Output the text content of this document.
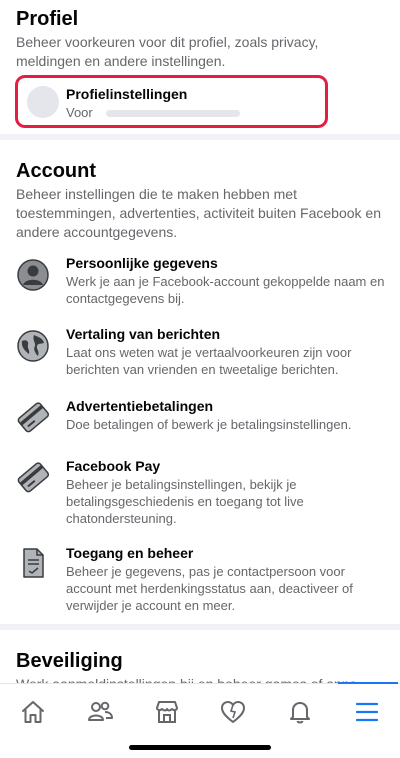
Profiel
Beheer voorkeuren voor dit profiel, zoals privacy, meldingen en andere instellingen.
Profielinstellingen
Voor
Account
Beheer instellingen die te maken hebben met toestemmingen, advertenties, activiteit buiten Facebook en andere accountgegevens.
Persoonlijke gegevens
Werk je aan je Facebook-account gekoppelde naam en contactgegevens bij.
Vertaling van berichten
Laat ons weten wat je vertaalvoorkeuren zijn voor berichten van vrienden en tweetalige berichten.
Advertentiebetalingen
Doe betalingen of bewerk je betalingsinstellingen.
Facebook Pay
Beheer je betalingsinstellingen, bekijk je betalingsgeschiedenis en toegang tot live chatondersteuning.
Toegang en beheer
Beheer je gegevens, pas je contactpersoon voor account met herdenkingsstatus aan, deactiveer of verwijder je account en meer.
Beveiliging
